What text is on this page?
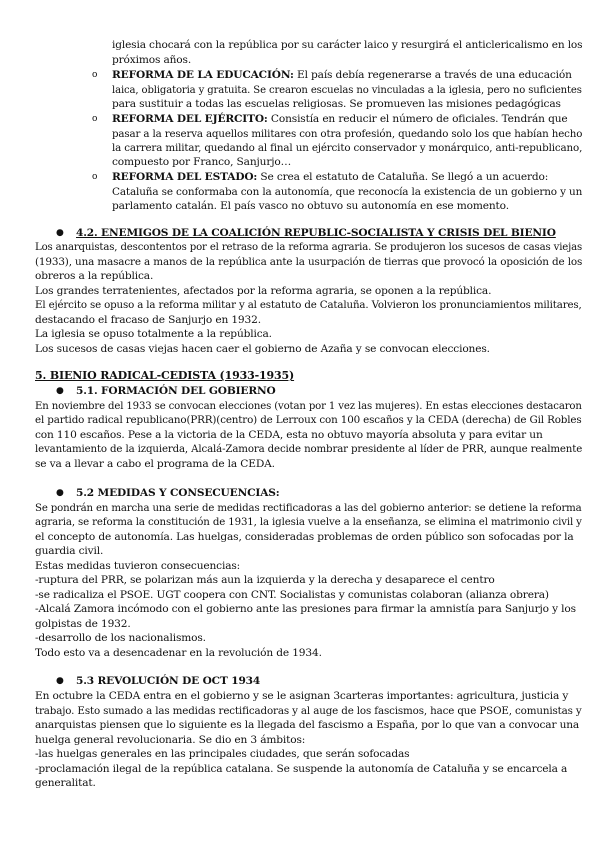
iglesia chocará con la república por su carácter laico y resurgirá el anticlericalismo en los
próximos años.
o REFORMA DE LA EDUCACIÓN: El país debía regenerarse a través de una educación
laica, obligatoria y gratuita. Se crearon escuelas no vinculadas a la iglesia, pero no suficientes
para sustituir a todas las escuelas religiosas. Se promueven las misiones pedagógicas
o REFORMA DEL EJÉRCITO: Consistía en reducir el número de oficiales. Tendrán que
pasar a la reserva aquellos militares con otra profesión, quedando solo los que habían hecho
la carrera militar, quedando al final un ejército conservador y monárquico, anti-republicano,
compuesto por Franco, Sanjurjo…
o REFORMA DEL ESTADO: Se crea el estatuto de Cataluña. Se llegó a un acuerdo:
Cataluña se conformaba con la autonomía, que reconocía la existencia de un gobierno y un
parlamento catalán. El país vasco no obtuvo su autonomía en ese momento.
● 4.2. ENEMIGOS DE LA COALICIÓN REPUBLIC-SOCIALISTA Y CRISIS DEL BIENIO
Los anarquistas, descontentos por el retraso de la reforma agraria. Se produjeron los sucesos de casas viejas
(1933), una masacre a manos de la república ante la usurpación de tierras que provocó la oposición de los
obreros a la república.
Los grandes terratenientes, afectados por la reforma agraria, se oponen a la república.
El ejército se opuso a la reforma militar y al estatuto de Cataluña. Volvieron los pronunciamientos militares,
destacando el fracaso de Sanjurjo en 1932.
La iglesia se opuso totalmente a la república.
Los sucesos de casas viejas hacen caer el gobierno de Azaña y se convocan elecciones.
5. BIENIO RADICAL-CEDISTA (1933-1935)
● 5.1. FORMACIÓN DEL GOBIERNO
En noviembre del 1933 se convocan elecciones (votan por 1 vez las mujeres). En estas elecciones destacaron
el partido radical republicano(PRR)(centro) de Lerroux con 100 escaños y la CEDA (derecha) de Gil Robles
con 110 escaños. Pese a la victoria de la CEDA, esta no obtuvo mayoría absoluta y para evitar un
levantamiento de la izquierda, Alcalá-Zamora decide nombrar presidente al líder de PRR, aunque realmente
se va a llevar a cabo el programa de la CEDA.
● 5.2 MEDIDAS Y CONSECUENCIAS:
Se pondrán en marcha una serie de medidas rectificadoras a las del gobierno anterior: se detiene la reforma
agraria, se reforma la constitución de 1931, la iglesia vuelve a la enseñanza, se elimina el matrimonio civil y
el concepto de autonomía. Las huelgas, consideradas problemas de orden público son sofocadas por la
guardia civil.
Estas medidas tuvieron consecuencias:
-ruptura del PRR, se polarizan más aun la izquierda y la derecha y desaparece el centro
-se radicaliza el PSOE. UGT coopera con CNT. Socialistas y comunistas colaboran (alianza obrera)
-Alcalá Zamora incómodo con el gobierno ante las presiones para firmar la amnistía para Sanjurjo y los
golpistas de 1932.
-desarrollo de los nacionalismos.
Todo esto va a desencadenar en la revolución de 1934.
● 5.3 REVOLUCIÓN DE OCT 1934
En octubre la CEDA entra en el gobierno y se le asignan 3carteras importantes: agricultura, justicia y
trabajo. Esto sumado a las medidas rectificadoras y al auge de los fascismos, hace que PSOE, comunistas y
anarquistas piensen que lo siguiente es la llegada del fascismo a España, por lo que van a convocar una
huelga general revolucionaria. Se dio en 3 ámbitos:
-las huelgas generales en las principales ciudades, que serán sofocadas
-proclamación ilegal de la república catalana. Se suspende la autonomía de Cataluña y se encarcela a
generalitat.
